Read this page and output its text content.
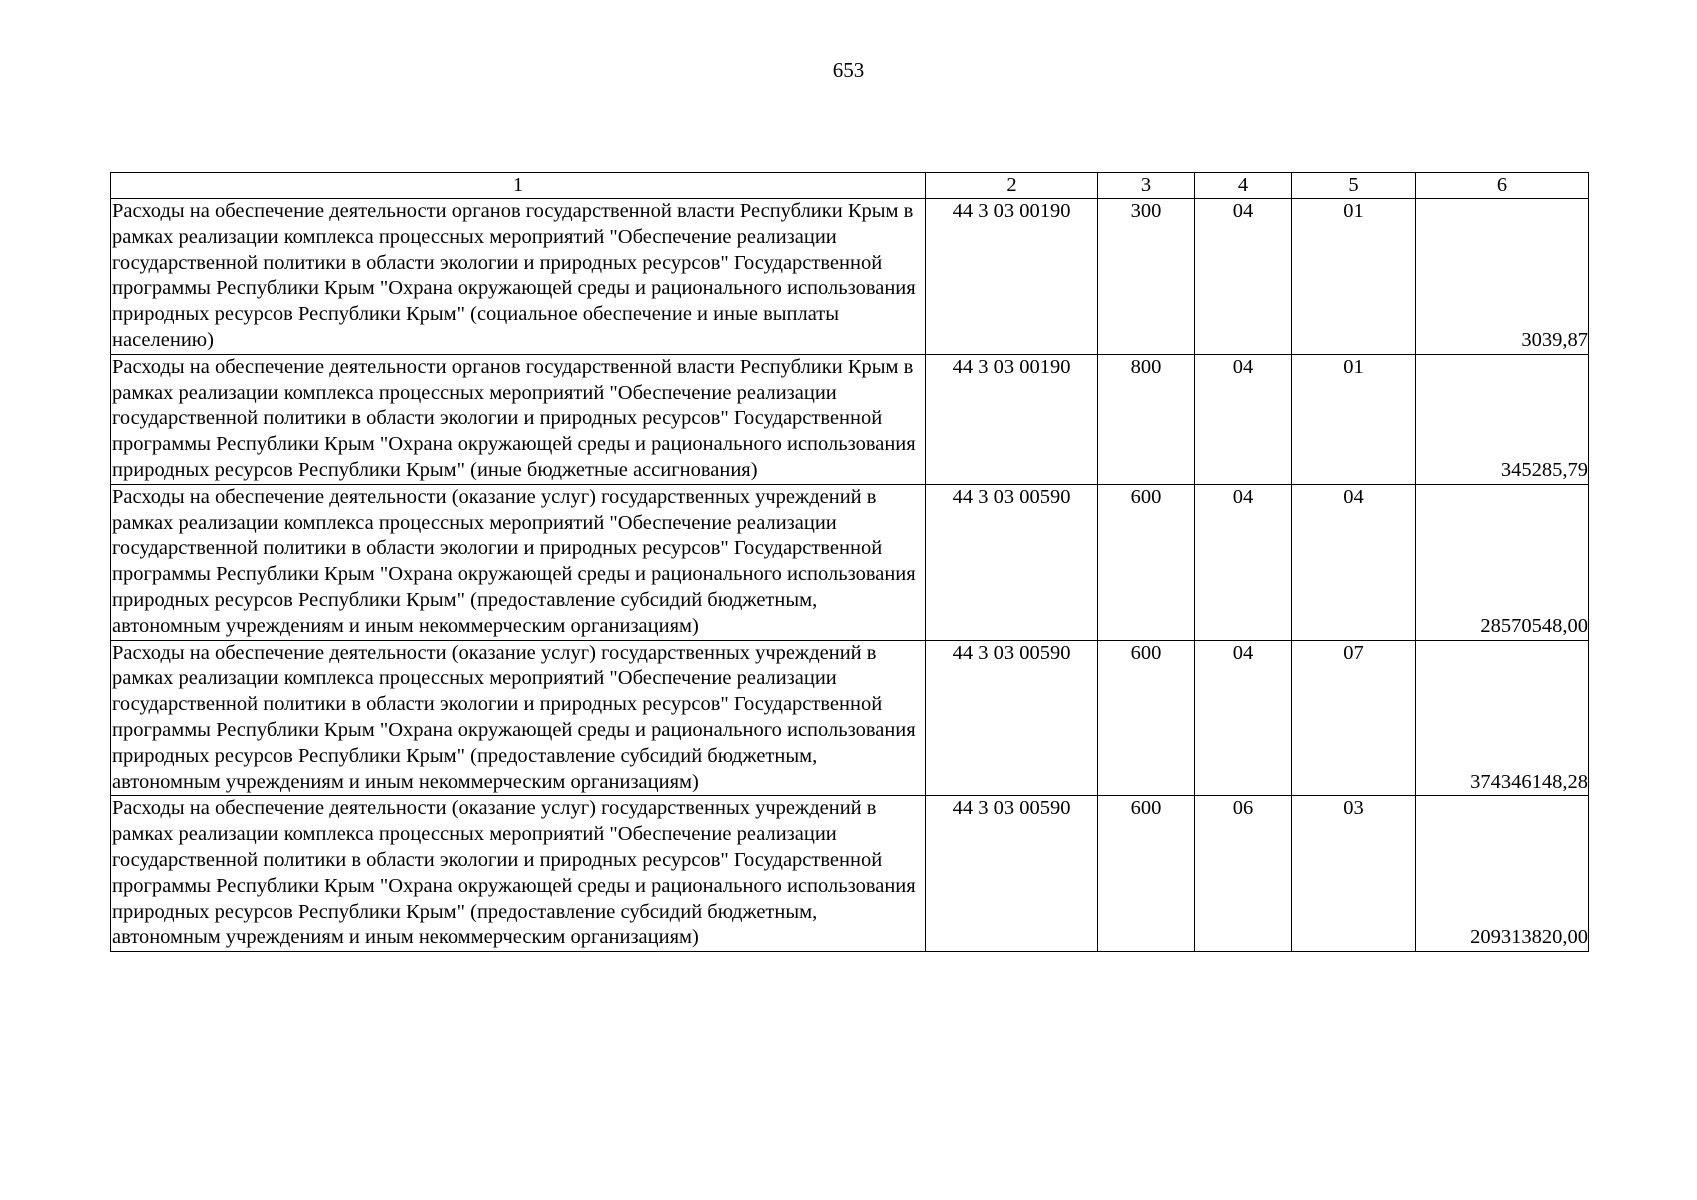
653
1	2	3	4	5	6
Расходы на обеспечение деятельности органов государственной власти Республики Крым в рамках реализации комплекса процессных мероприятий "Обеспечение реализации государственной политики в области экологии и природных ресурсов" Государственной программы Республики Крым "Охрана окружающей среды и рационального использования природных ресурсов Республики Крым" (социальное обеспечение и иные выплаты населению)	44 3 03 00190	300	04	01	3039,87
Расходы на обеспечение деятельности органов государственной власти Республики Крым в рамках реализации комплекса процессных мероприятий "Обеспечение реализации государственной политики в области экологии и природных ресурсов" Государственной программы Республики Крым "Охрана окружающей среды и рационального использования природных ресурсов Республики Крым" (иные бюджетные ассигнования)	44 3 03 00190	800	04	01	345285,79
Расходы на обеспечение деятельности (оказание услуг) государственных учреждений в рамках реализации комплекса процессных мероприятий "Обеспечение реализации государственной политики в области экологии и природных ресурсов" Государственной программы Республики Крым "Охрана окружающей среды и рационального использования природных ресурсов Республики Крым" (предоставление субсидий бюджетным, автономным учреждениям и иным некоммерческим организациям)	44 3 03 00590	600	04	04	28570548,00
Расходы на обеспечение деятельности (оказание услуг) государственных учреждений в рамках реализации комплекса процессных мероприятий "Обеспечение реализации государственной политики в области экологии и природных ресурсов" Государственной программы Республики Крым "Охрана окружающей среды и рационального использования природных ресурсов Республики Крым" (предоставление субсидий бюджетным, автономным учреждениям и иным некоммерческим организациям)	44 3 03 00590	600	04	07	374346148,28
Расходы на обеспечение деятельности (оказание услуг) государственных учреждений в рамках реализации комплекса процессных мероприятий "Обеспечение реализации государственной политики в области экологии и природных ресурсов" Государственной программы Республики Крым "Охрана окружающей среды и рационального использования природных ресурсов Республики Крым" (предоставление субсидий бюджетным, автономным учреждениям и иным некоммерческим организациям)	44 3 03 00590	600	06	03	209313820,00
